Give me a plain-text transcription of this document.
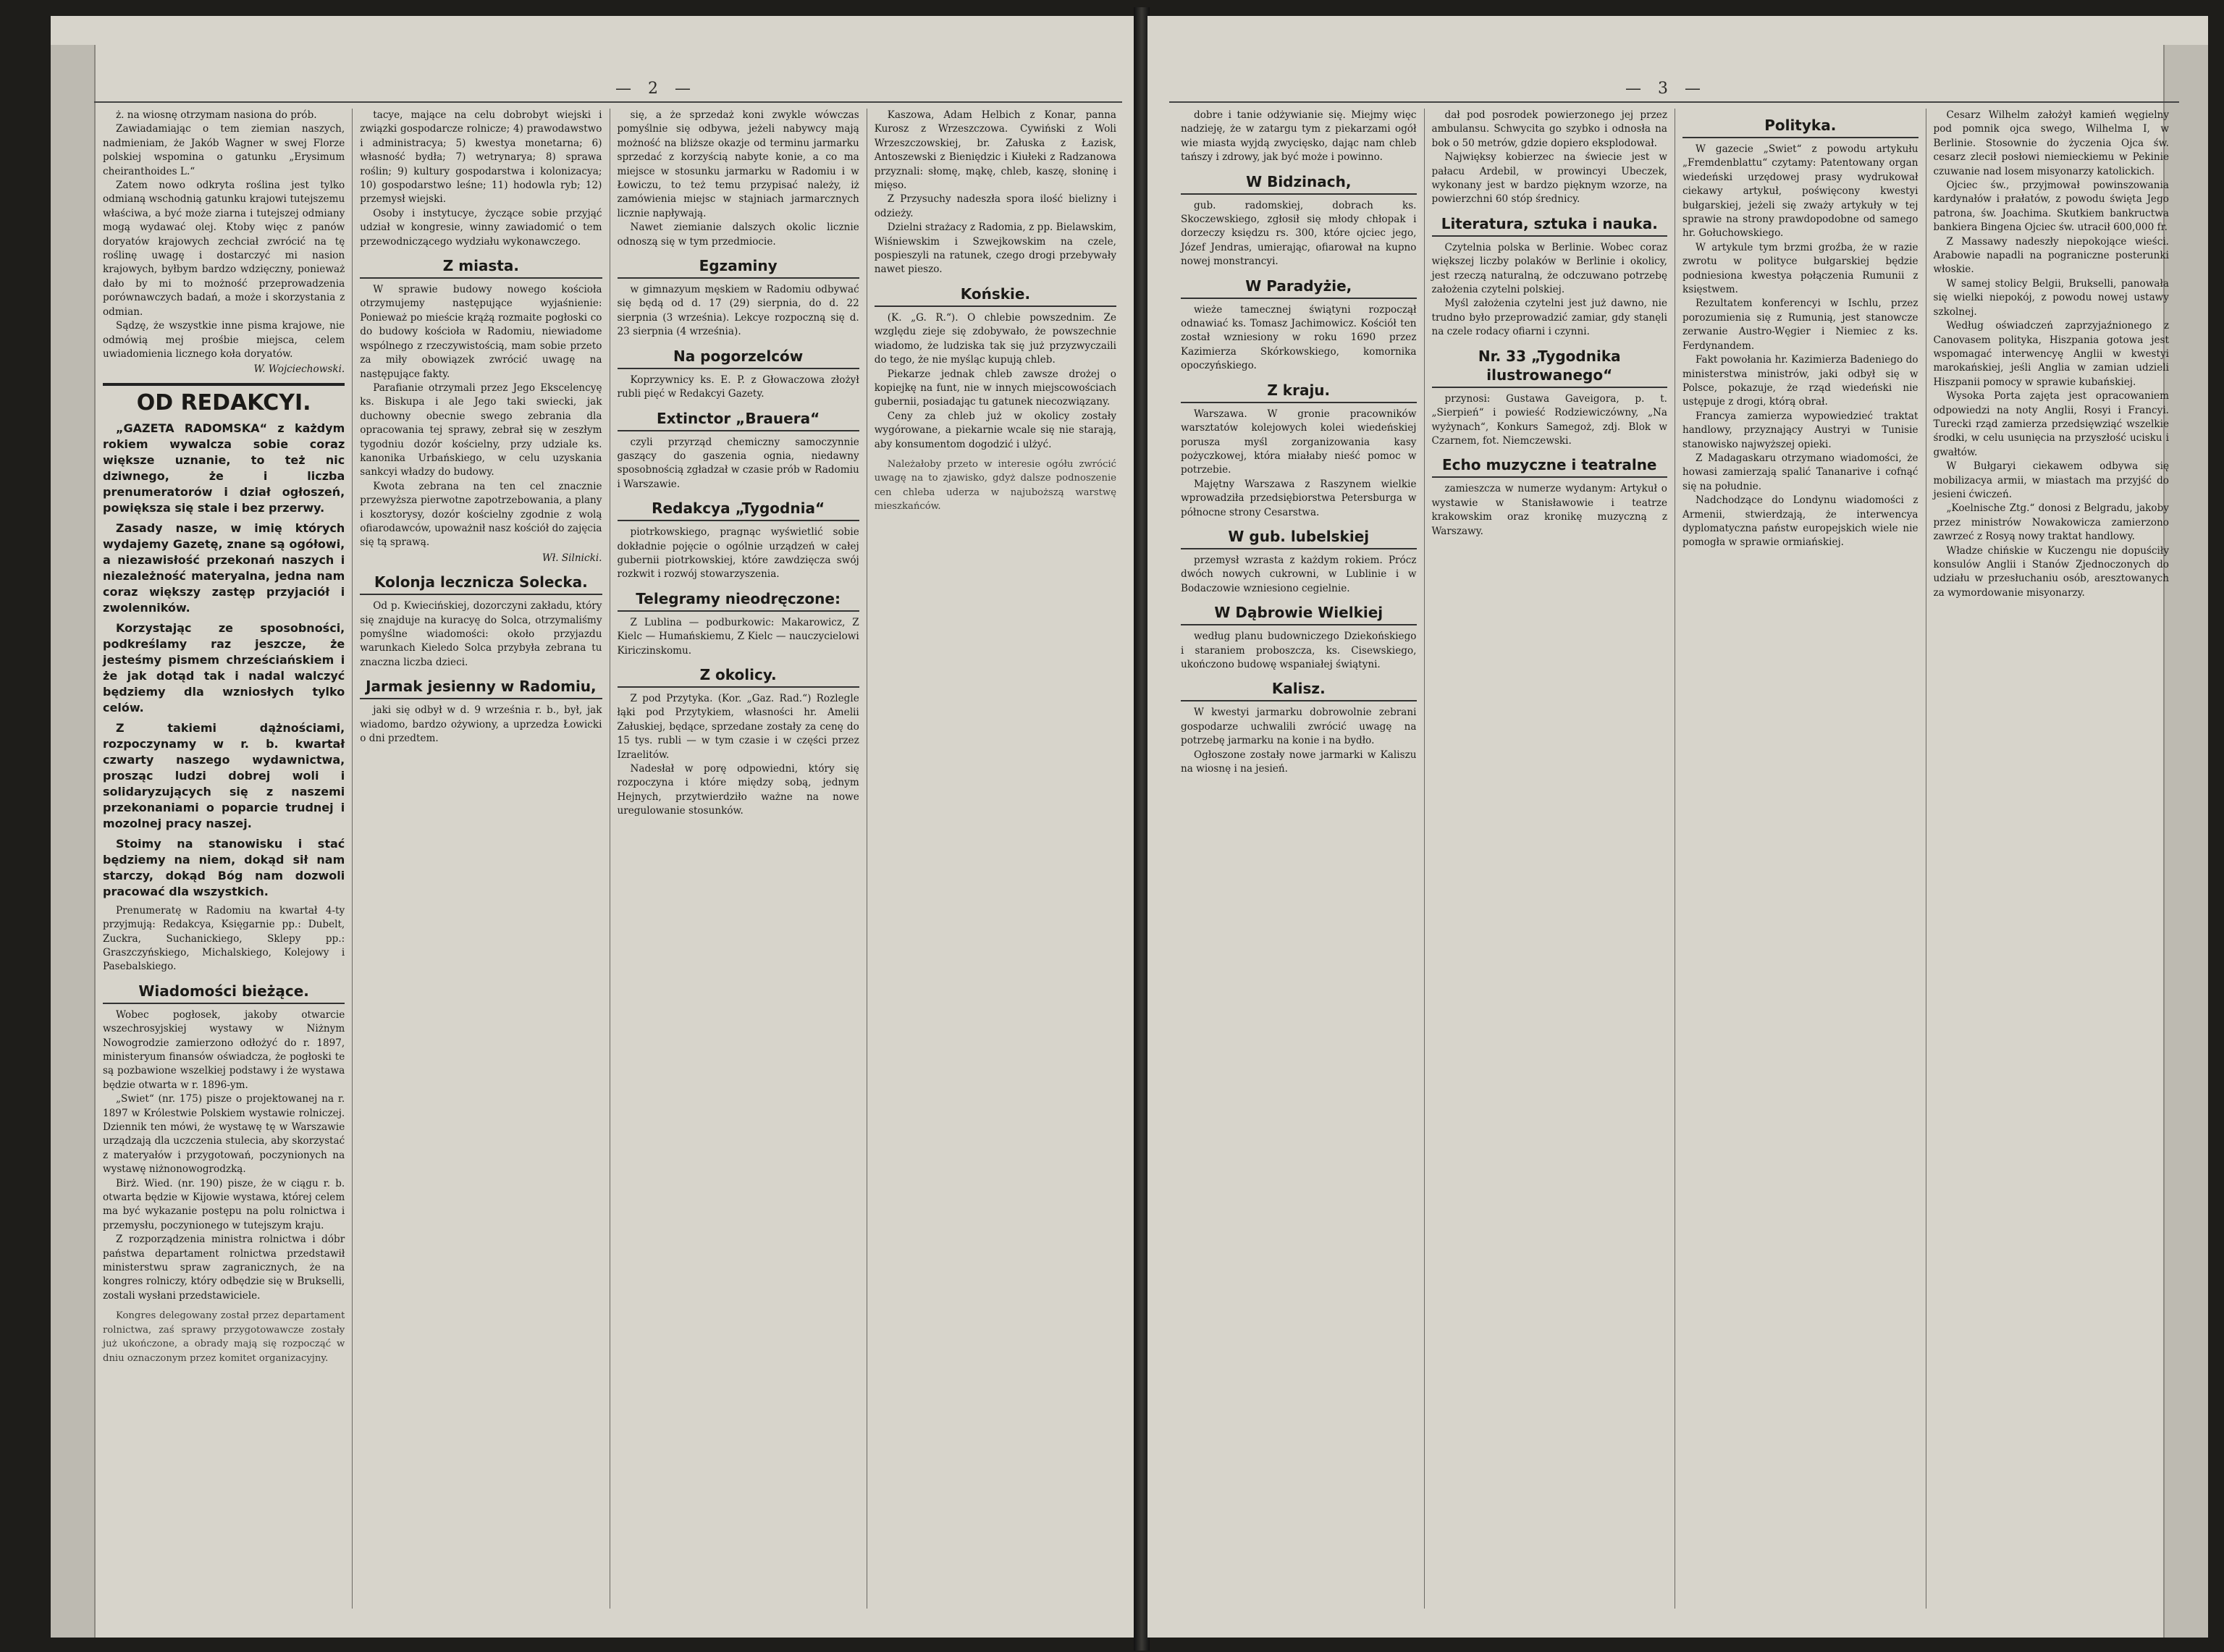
— 2 —

ż. na wiosnę otrzymam nasiona do prób.

Zawiadamiając o tem ziemian naszych, nadmieniam, że Jakób Wagner w swej Florze polskiej wspomina o gatunku „Erysimum cheiranthoides L.“

Zatem nowo odkryta roślina jest tylko odmianą wschodnią gatunku krajowi tutejszemu właściwa, a być może ziarna i tutejszej odmiany mogą wydawać olej. Ktoby więc z panów doryatów krajowych zechciał zwrócić na tę roślinę uwagę i dostarczyć mi nasion krajowych, byłbym bardzo wdzięczny, ponieważ dało by mi to możność przeprowadzenia porównawczych badań, a może i skorzystania z odmian.

Sądzę, że wszystkie inne pisma krajowe, nie odmówią mej prośbie miejsca, celem uwiadomienia licznego koła doryatów.

W. Wojciechowski.
OD REDAKCYI.
„GAZETA RADOMSKA“ z każdym rokiem wywalcza sobie coraz większe uznanie, to też nic dziwnego, że i liczba prenumeratorów i dział ogłoszeń, powiększa się stale i bez przerwy.
Zasady nasze, w imię których wydajemy Gazetę, znane są ogółowi, a niezawisłość przekonań naszych i niezależność materyalna, jedna nam coraz większy zastęp przyjaciół i zwolenników.
Korzystając ze sposobności, podkreślamy raz jeszcze, że jesteśmy pismem chrześciańskiem i że jak dotąd tak i nadal walczyć będziemy dla wzniosłych tylko celów.
Z takiemi dążnościami, rozpoczynamy w r. b. kwartał czwarty naszego wydawnictwa, prosząc ludzi dobrej woli i solidaryzujących się z naszemi przekonaniami o poparcie trudnej i mozolnej pracy naszej.
Stoimy na stanowisku i stać będziemy na niem, dokąd sił nam starczy, dokąd Bóg nam dozwoli pracować dla wszystkich.

Prenumeratę w Radomiu na kwartał 4-ty przyjmują: Redakcya, Księgarnie pp.: Dubelt, Zuckra, Suchanickiego, Sklepy pp.: Graszczyńskiego, Michalskiego, Kolejowy i Pasebalskiego.

Wiadomości bieżące.

Wobec pogłosek, jakoby otwarcie wszechrosyjskiej wystawy w Niżnym Nowogrodzie zamierzono odłożyć do r. 1897, ministeryum finansów oświadcza, że pogłoski te są pozbawione wszelkiej podstawy i że wystawa będzie otwarta w r. 1896-ym.

„Swiet“ (nr. 175) pisze o projektowanej na r. 1897 w Królestwie Polskiem wystawie rolniczej. Dziennik ten mówi, że wystawę tę w Warszawie urządzają dla uczczenia stulecia, aby skorzystać z materyałów i przygotowań, poczynionych na wystawę niżnonowogrodzką.

Birż. Wied. (nr. 190) pisze, że w ciągu r. b. otwarta będzie w Kijowie wystawa, której celem ma być wykazanie postępu na polu rolnictwa i przemysłu, poczynionego w tutejszym kraju.

Z rozporządzenia ministra rolnictwa i dóbr państwa departament rolnictwa przedstawił ministerstwu spraw zagranicznych, że na kongres rolniczy, który odbędzie się w Brukselli, zostali wysłani przedstawiciele.

Kongres delegowany został przez departament rolnictwa, zaś sprawy przygotowawcze zostały już ukończone, a obrady mają się rozpocząć w dniu oznaczonym przez komitet organizacyjny.

tacye, mające na celu dobrobyt wiejski i związki gospodarcze rolnicze; 4) prawodawstwo i administracya; 5) kwestya monetarna; 6) własność bydła; 7) wetrynarya; 8) sprawa roślin; 9) kultury gospodarstwa i kolonizacya; 10) gospodarstwo leśne; 11) hodowla ryb; 12) przemysł wiejski.

Osoby i instytucye, życzące sobie przyjąć udział w kongresie, winny zawiadomić o tem przewodniczącego wydziału wykonawczego.

Z miasta.

W sprawie budowy nowego kościoła otrzymujemy następujące wyjaśnienie: Ponieważ po mieście krążą rozmaite pogłoski co do budowy kościoła w Radomiu, niewiadome wspólnego z rzeczywistością, mam sobie przeto za miły obowiązek zwrócić uwagę na następujące fakty.

Parafianie otrzymali przez Jego Ekscelencyę ks. Biskupa i ale Jego taki swiecki, jak duchowny obecnie swego zebrania dla opracowania tej sprawy, zebrał się w zeszłym tygodniu dozór kościelny, przy udziale ks. kanonika Urbańskiego, w celu uzyskania sankcyi władzy do budowy.

Kwota zebrana na ten cel znacznie przewyższa pierwotne zapotrzebowania, a plany i kosztorysy, dozór kościelny zgodnie z wolą ofiarodawców, upoważnił nasz kościół do zajęcia się tą sprawą.

Wł. Silnicki.
Kolonja lecznicza Solecka.

Od p. Kwiecińskiej, dozorczyni zakładu, który się znajduje na kuracyę do Solca, otrzymaliśmy pomyślne wiadomości: około przyjazdu warunkach Kieledo Solca przybyła zebrana tu znaczna liczba dzieci.

Jarmak jesienny w Radomiu,

jaki się odbył w d. 9 września r. b., był, jak wiadomo, bardzo ożywiony, a uprzedza Łowicki o dni przedtem.

się, a że sprzedaż koni zwykle wówczas pomyślnie się odbywa, jeżeli nabywcy mają możność na bliższe okazje od terminu jarmarku sprzedać z korzyścią nabyte konie, a co ma miejsce w stosunku jarmarku w Radomiu i w Łowiczu, to też temu przypisać należy, iż zamówienia miejsc w stajniach jarmarcznych licznie napływają.

Nawet ziemianie dalszych okolic licznie odnoszą się w tym przedmiocie.

Egzaminy

w gimnazyum męskiem w Radomiu odbywać się będą od d. 17 (29) sierpnia, do d. 22 sierpnia (3 września). Lekcye rozpoczną się d. 23 sierpnia (4 września).

Na pogorzelców

Koprzywnicy ks. E. P. z Głowaczowa złożył rubli pięć w Redakcyi Gazety.

Extinctor „Brauera“

czyli przyrząd chemiczny samoczynnie gaszący do gaszenia ognia, niedawny sposobnością zgładzał w czasie prób w Radomiu i Warszawie.

Redakcya „Tygodnia“

piotrkowskiego, pragnąc wyświetlić sobie dokładnie pojęcie o ogólnie urządzeń w całej gubernii piotrkowskiej, które zawdzięcza swój rozkwit i rozwój stowarzyszenia.

Telegramy nieodręczone:

Z Lublina — podburkowic: Makarowicz, Z Kielc — Humańskiemu, Z Kielc — nauczycielowi Kiriczinskomu.

Z okolicy.

Z pod Przytyka. (Kor. „Gaz. Rad.“) Rozlegle łąki pod Przytykiem, własności hr. Amelii Załuskiej, będące, sprzedane zostały za cenę do 15 tys. rubli — w tym czasie i w części przez Izraelitów.

Nadesłał w porę odpowiedni, który się rozpoczyna i które między sobą, jednym Hejnych, przytwierdziło ważne na nowe uregulowanie stosunków.

Kaszowa, Adam Helbich z Konar, panna Kurosz z Wrzeszczowa. Cywiński z Woli Wrzeszczowskiej, br. Załuska z Łazisk, Antoszewski z Bieniędzic i Kiułeki z Radzanowa przyznali: słomę, mąkę, chleb, kaszę, słoninę i mięso.

Z Przysuchy nadeszła spora ilość bielizny i odzieży.

Dzielni strażacy z Radomia, z pp. Bielawskim, Wiśniewskim i Szwejkowskim na czele, pospieszyli na ratunek, czego drogi przebywały nawet pieszo.

Końskie.

(K. „G. R.“). O chlebie powszednim. Ze względu zieje się zdobywało, że powszechnie wiadomo, że ludziska tak się już przyzwyczaili do tego, że nie myśląc kupują chleb.

Piekarze jednak chleb zawsze drożej o kopiejkę na funt, nie w innych miejscowościach gubernii, posiadając tu gatunek niecozwiązany.

Ceny za chleb już w okolicy zostały wygórowane, a piekarnie wcale się nie starają, aby konsumentom dogodzić i ulżyć.

Należałoby przeto w interesie ogółu zwrócić uwagę na to zjawisko, gdyż dalsze podnoszenie cen chleba uderza w najuboższą warstwę mieszkańców.
— 3 —

dobre i tanie odżywianie się. Miejmy więc nadzieję, że w zatargu tym z piekarzami ogół wie miasta wyjdą zwycięsko, dając nam chleb tańszy i zdrowy, jak być może i powinno.

W Bidzinach,

gub. radomskiej, dobrach ks. Skoczewskiego, zgłosił się młody chłopak i dorzeczy księdzu rs. 300, które ojciec jego, Józef Jendras, umierając, ofiarował na kupno nowej monstrancyi.

W Paradyżie,

wieże tamecznej świątyni rozpoczął odnawiać ks. Tomasz Jachimowicz. Kościół ten został wzniesiony w roku 1690 przez Kazimierza Skórkowskiego, komornika opoczyńskiego.

Z kraju.

Warszawa. W gronie pracowników warsztatów kolejowych kolei wiedeńskiej porusza myśl zorganizowania kasy pożyczkowej, która miałaby nieść pomoc w potrzebie.

Majętny Warszawa z Raszynem wielkie wprowadziła przedsiębiorstwa Petersburga w północne strony Cesarstwa.

W gub. lubelskiej

przemysł wzrasta z każdym rokiem. Prócz dwóch nowych cukrowni, w Lublinie i w Bodaczowie wzniesiono cegielnie.

W Dąbrowie Wielkiej

według planu budowniczego Dziekońskiego i staraniem proboszcza, ks. Cisewskiego, ukończono budowę wspaniałej świątyni.

Kalisz.

W kwestyi jarmarku dobrowolnie zebrani gospodarze uchwalili zwrócić uwagę na potrzebę jarmarku na konie i na bydło.

Ogłoszone zostały nowe jarmarki w Kaliszu na wiosnę i na jesień.

dał pod posrodek powierzonego jej przez ambulansu. Schwycita go szybko i odnosła na bok o 50 metrów, gdzie dopiero eksplodował.

Najwięksy kobierzec na świecie jest w pałacu Ardebil, w prowincyi Ubeczek, wykonany jest w bardzo pięknym wzorze, na powierzchni 60 stóp średnicy.

Literatura, sztuka i nauka.

Czytelnia polska w Berlinie. Wobec coraz większej liczby polaków w Berlinie i okolicy, jest rzeczą naturalną, że odczuwano potrzebę założenia czytelni polskiej.

Myśl założenia czytelni jest już dawno, nie trudno było przeprowadzić zamiar, gdy stanęli na czele rodacy ofiarni i czynni.

Nr. 33 „Tygodnika ilustrowanego“

przynosi: Gustawa Gaveigora, p. t. „Sierpień“ i powieść Rodziewiczówny, „Na wyżynach“, Konkurs Samegoż, zdj. Blok w Czarnem, fot. Niemczewski.

Echo muzyczne i teatralne

zamieszcza w numerze wydanym: Artykuł o wystawie w Stanisławowie i teatrze krakowskim oraz kronikę muzyczną z Warszawy.

Polityka.

W gazecie „Swiet“ z powodu artykułu „Fremdenblattu“ czytamy: Patentowany organ wiedeński urzędowej prasy wydrukował ciekawy artykuł, poświęcony kwestyi bułgarskiej, jeżeli się zważy artykuły w tej sprawie na strony prawdopodobne od samego hr. Gołuchowskiego.

W artykule tym brzmi groźba, że w razie zwrotu w polityce bułgarskiej będzie podniesiona kwestya połączenia Rumunii z księstwem.

Rezultatem konferencyi w Ischlu, przez porozumienia się z Rumunią, jest stanowcze zerwanie Austro-Węgier i Niemiec z ks. Ferdynandem.

Fakt powołania hr. Kazimierza Badeniego do ministerstwa ministrów, jaki odbył się w Polsce, pokazuje, że rząd wiedeński nie ustępuje z drogi, którą obrał.

Francya zamierza wypowiedzieć traktat handlowy, przyznający Austryi w Tunisie stanowisko najwyższej opieki.

Z Madagaskaru otrzymano wiadomości, że howasi zamierzają spalić Tananarive i cofnąć się na południe.

Nadchodzące do Londynu wiadomości z Armenii, stwierdzają, że interwencya dyplomatyczna państw europejskich wiele nie pomogła w sprawie ormiańskiej.

Cesarz Wilhelm założył kamień węgielny pod pomnik ojca swego, Wilhelma I, w Berlinie. Stosownie do życzenia Ojca św. cesarz zlecił posłowi niemieckiemu w Pekinie czuwanie nad losem misyonarzy katolickich.

Ojciec św., przyjmował powinszowania kardynałów i prałatów, z powodu święta Jego patrona, św. Joachima. Skutkiem bankructwa bankiera Bingena Ojciec św. utracił 600,000 fr.

Z Massawy nadeszły niepokojące wieści. Arabowie napadli na pograniczne posterunki włoskie.

W samej stolicy Belgii, Brukselli, panowała się wielki niepokój, z powodu nowej ustawy szkolnej.

Według oświadczeń zaprzyjaźnionego z Canovasem polityka, Hiszpania gotowa jest wspomagać interwencyę Anglii w kwestyi marokańskiej, jeśli Anglia w zamian udzieli Hiszpanii pomocy w sprawie kubańskiej.

Wysoka Porta zajęta jest opracowaniem odpowiedzi na noty Anglii, Rosyi i Francyi. Turecki rząd zamierza przedsięwziąć wszelkie środki, w celu usunięcia na przyszłość ucisku i gwałtów.

W Bułgaryi ciekawem odbywa się mobilizacya armii, w miastach ma przyjść do jesieni ćwiczeń.

„Koelnische Ztg.“ donosi z Belgradu, jakoby przez ministrów Nowakowicza zamierzono zawrzeć z Rosyą nowy traktat handlowy.

Władze chińskie w Kuczengu nie dopuściły konsulów Anglii i Stanów Zjednoczonych do udziału w przesłuchaniu osób, aresztowanych za wymordowanie misyonarzy.
